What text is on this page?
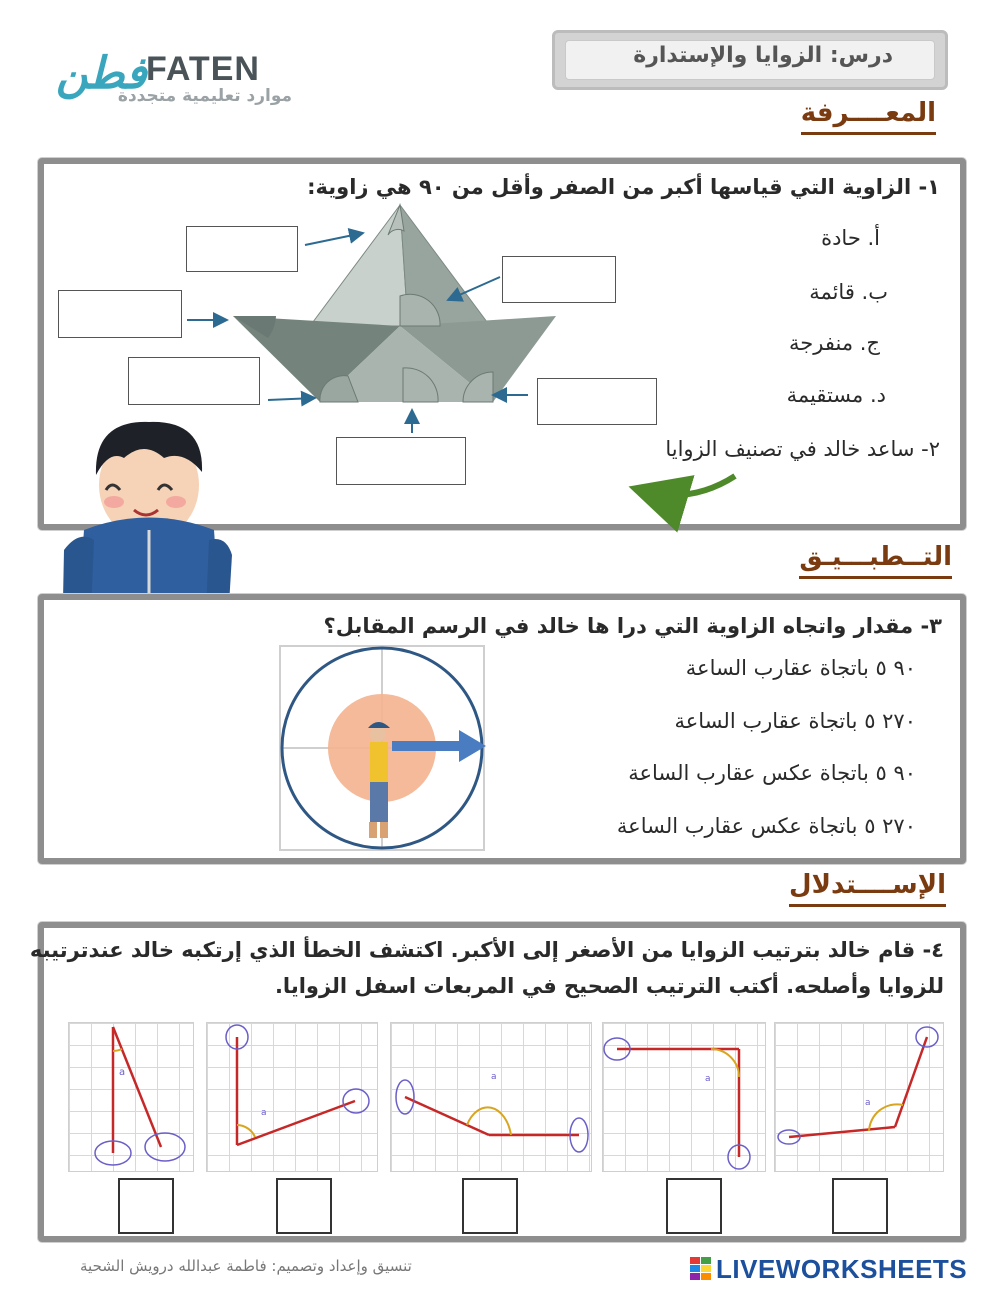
فطن FATEN
موارد تعليمية متجددة
درس: الزوايا والإستدارة
المعــــرفة
١- الزاوية التي قياسها أكبر من الصفر وأقل من ٩٠ هي زاوية:
أ. حادة
ب. قائمة
ج. منفرجة
د. مستقيمة
٢- ساعد خالد في تصنيف الزوايا
التــطبـــيـق
٣- مقدار واتجاه الزاوية التي درا ها خالد في الرسم المقابل؟
٩٠ ٥ باتجاة عقارب الساعة
٢٧٠ ٥ باتجاة عقارب الساعة
٩٠ ٥ باتجاة عكس عقارب الساعة
٢٧٠ ٥ باتجاة عكس عقارب الساعة
الإســــتدلال
٤- قام خالد بترتيب الزوايا من الأصغر إلى الأكبر. اكتشف الخطأ الذي إرتكبه خالد عندترتيبه
للزوايا وأصلحه. أكتب الترتيب الصحيح في المربعات اسفل الزوايا.
a
a
a	a
a
تنسيق وإعداد وتصميم: فاطمة عبدالله درويش الشحية	LIVEWORKSHEETS
